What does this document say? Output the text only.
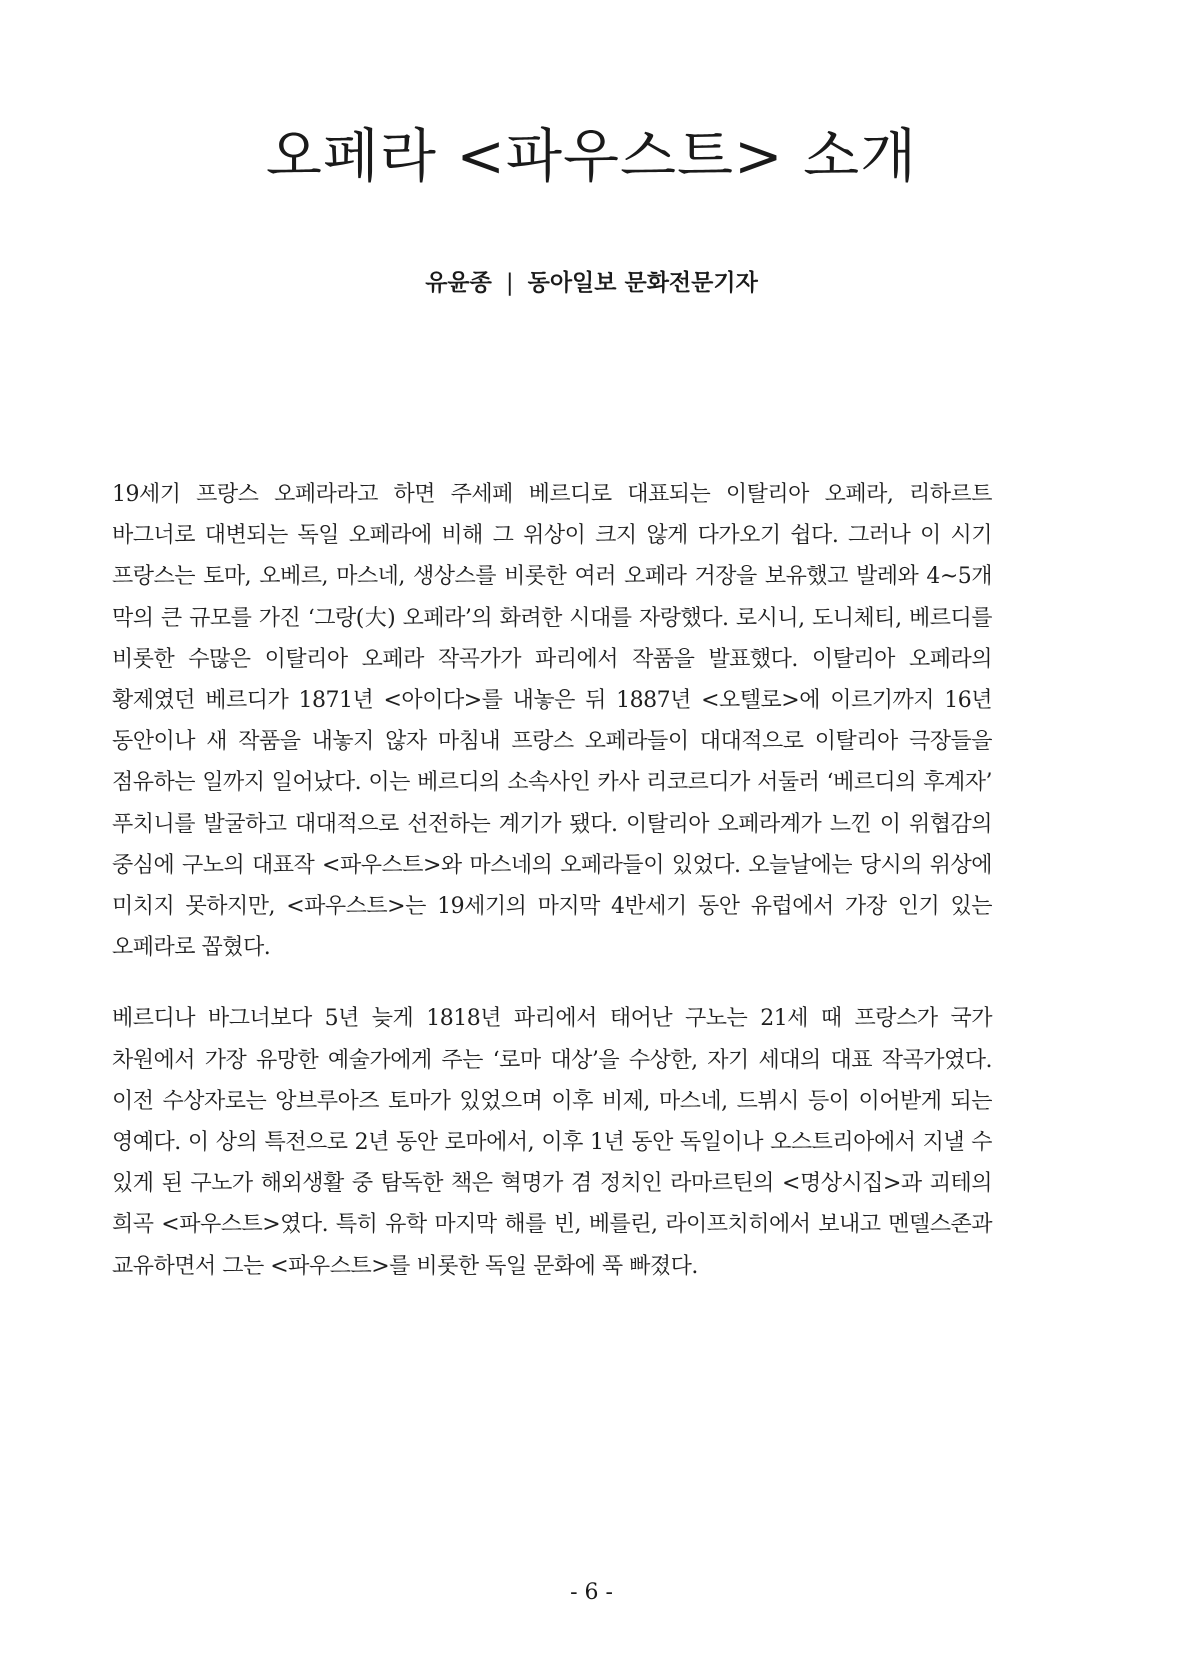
오페라 <파우스트> 소개
유윤종 | 동아일보 문화전문기자

19세기 프랑스 오페라라고 하면 주세페 베르디로 대표되는 이탈리아 오페라, 리하르트 바그너로 대변되는 독일 오페라에 비해 그 위상이 크지 않게 다가오기 쉽다. 그러나 이 시기 프랑스는 토마, 오베르, 마스네, 생상스를 비롯한 여러 오페라 거장을 보유했고 발레와 4~5개 막의 큰 규모를 가진 ‘그랑(大) 오페라’의 화려한 시대를 자랑했다. 로시니, 도니체티, 베르디를 비롯한 수많은 이탈리아 오페라 작곡가가 파리에서 작품을 발표했다. 이탈리아 오페라의 황제였던 베르디가 1871년 <아이다>를 내놓은 뒤 1887년 <오텔로>에 이르기까지 16년 동안이나 새 작품을 내놓지 않자 마침내 프랑스 오페라들이 대대적으로 이탈리아 극장들을 점유하는 일까지 일어났다. 이는 베르디의 소속사인 카사 리코르디가 서둘러 ‘베르디의 후계자’ 푸치니를 발굴하고 대대적으로 선전하는 계기가 됐다. 이탈리아 오페라계가 느낀 이 위협감의 중심에 구노의 대표작 <파우스트>와 마스네의 오페라들이 있었다. 오늘날에는 당시의 위상에 미치지 못하지만, <파우스트>는 19세기의 마지막 4반세기 동안 유럽에서 가장 인기 있는 오페라로 꼽혔다.

베르디나 바그너보다 5년 늦게 1818년 파리에서 태어난 구노는 21세 때 프랑스가 국가 차원에서 가장 유망한 예술가에게 주는 ‘로마 대상’을 수상한, 자기 세대의 대표 작곡가였다. 이전 수상자로는 앙브루아즈 토마가 있었으며 이후 비제, 마스네, 드뷔시 등이 이어받게 되는 영예다. 이 상의 특전으로 2년 동안 로마에서, 이후 1년 동안 독일이나 오스트리아에서 지낼 수 있게 된 구노가 해외생활 중 탐독한 책은 혁명가 겸 정치인 라마르틴의 <명상시집>과 괴테의 희곡 <파우스트>였다. 특히 유학 마지막 해를 빈, 베를린, 라이프치히에서 보내고 멘델스존과 교유하면서 그는 <파우스트>를 비롯한 독일 문화에 푹 빠졌다.

- 6 -
